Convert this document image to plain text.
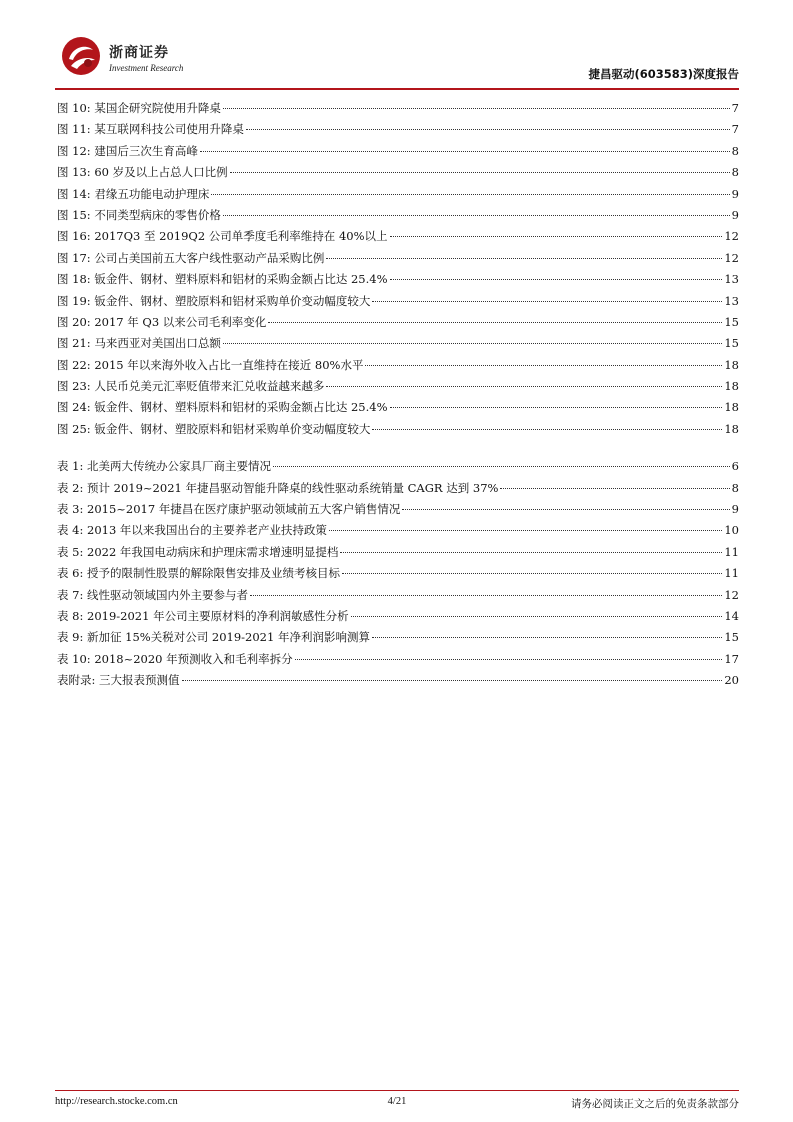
浙商证券
Investment Research	捷昌驱动(603583)深度报告
图 10: 某国企研究院使用升降桌	7
图 11: 某互联网科技公司使用升降桌	7
图 12: 建国后三次生育高峰	8
图 13: 60 岁及以上占总人口比例	8
图 14: 君缘五功能电动护理床	9
图 15: 不同类型病床的零售价格	9
图 16: 2017Q3 至 2019Q2 公司单季度毛利率维持在 40%以上	12
图 17: 公司占美国前五大客户线性驱动产品采购比例	12
图 18: 钣金件、钢材、塑料原料和铝材的采购金额占比达 25.4%	13
图 19: 钣金件、钢材、塑胶原料和铝材采购单价变动幅度较大	13
图 20: 2017 年 Q3 以来公司毛利率变化	15
图 21: 马来西亚对美国出口总额	15
图 22: 2015 年以来海外收入占比一直维持在接近 80%水平	18
图 23: 人民币兑美元汇率贬值带来汇兑收益越来越多	18
图 24: 钣金件、钢材、塑料原料和铝材的采购金额占比达 25.4%	18
图 25: 钣金件、钢材、塑胶原料和铝材采购单价变动幅度较大	18
表 1: 北美两大传统办公家具厂商主要情况	6
表 2: 预计 2019~2021 年捷昌驱动智能升降桌的线性驱动系统销量 CAGR 达到 37%	8
表 3: 2015~2017 年捷昌在医疗康护驱动领域前五大客户销售情况	9
表 4: 2013 年以来我国出台的主要养老产业扶持政策	10
表 5: 2022 年我国电动病床和护理床需求增速明显提档	11
表 6: 授予的限制性股票的解除限售安排及业绩考核目标	11
表 7: 线性驱动领域国内外主要参与者	12
表 8: 2019-2021 年公司主要原材料的净利润敏感性分析	14
表 9: 新加征 15%关税对公司 2019-2021 年净利润影响测算	15
表 10: 2018~2020 年预测收入和毛利率拆分	17
表附录: 三大报表预测值	20
http://research.stocke.com.cn	4/21	请务必阅读正文之后的免责条款部分
